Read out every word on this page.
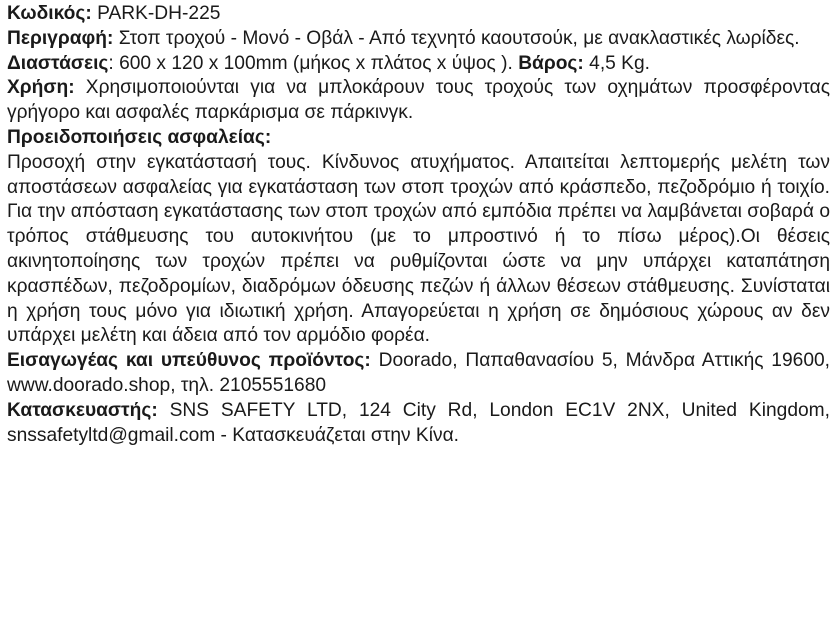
Κωδικός: PARK-DH-225

Περιγραφή: Στοπ τροχού - Μονό - Οβάλ - Από τεχνητό καουτσούκ, με ανακλαστικές λωρίδες.

Διαστάσεις: 600 x 120 x 100mm (μήκος x πλάτος x ύψος ). Βάρος: 4,5 Kg.

Χρήση: Χρησιμοποιούνται για να μπλοκάρουν τους τροχούς των οχημάτων προσφέροντας γρήγορο και ασφαλές παρκάρισμα σε πάρκινγκ.

Προειδοποιήσεις ασφαλείας:

Προσοχή στην εγκατάστασή τους. Κίνδυνος ατυχήματος. Απαιτείται λεπτομερής μελέτη των αποστάσεων ασφαλείας για εγκατάσταση των στοπ τροχών από κράσπεδο, πεζοδρόμιο ή τοιχίο. Για την απόσταση εγκατάστασης των στοπ τροχών από εμπόδια πρέπει να λαμβάνεται σοβαρά ο τρόπος στάθμευσης του αυτοκινήτου (με το μπροστινό ή το πίσω μέρος).Οι θέσεις ακινητοποίησης των τροχών πρέπει να ρυθμίζονται ώστε να μην υπάρχει καταπάτηση κρασπέδων, πεζοδρομίων, διαδρόμων όδευσης πεζών ή άλλων θέσεων στάθμευσης. Συνίσταται η χρήση τους μόνο για ιδιωτική χρήση. Απαγορεύεται η χρήση σε δημόσιους χώρους αν δεν υπάρχει μελέτη και άδεια από τον αρμόδιο φορέα.

Εισαγωγέας και υπεύθυνος προϊόντος: Doorado, Παπαθανασίου 5, Μάνδρα Αττικής 19600, www.doorado.shop, τηλ. 2105551680

Κατασκευαστής: SNS SAFETY LTD, 124 City Rd, London EC1V 2NX, United Kingdom, snssafetyltd@gmail.com - Κατασκευάζεται στην Κίνα.
